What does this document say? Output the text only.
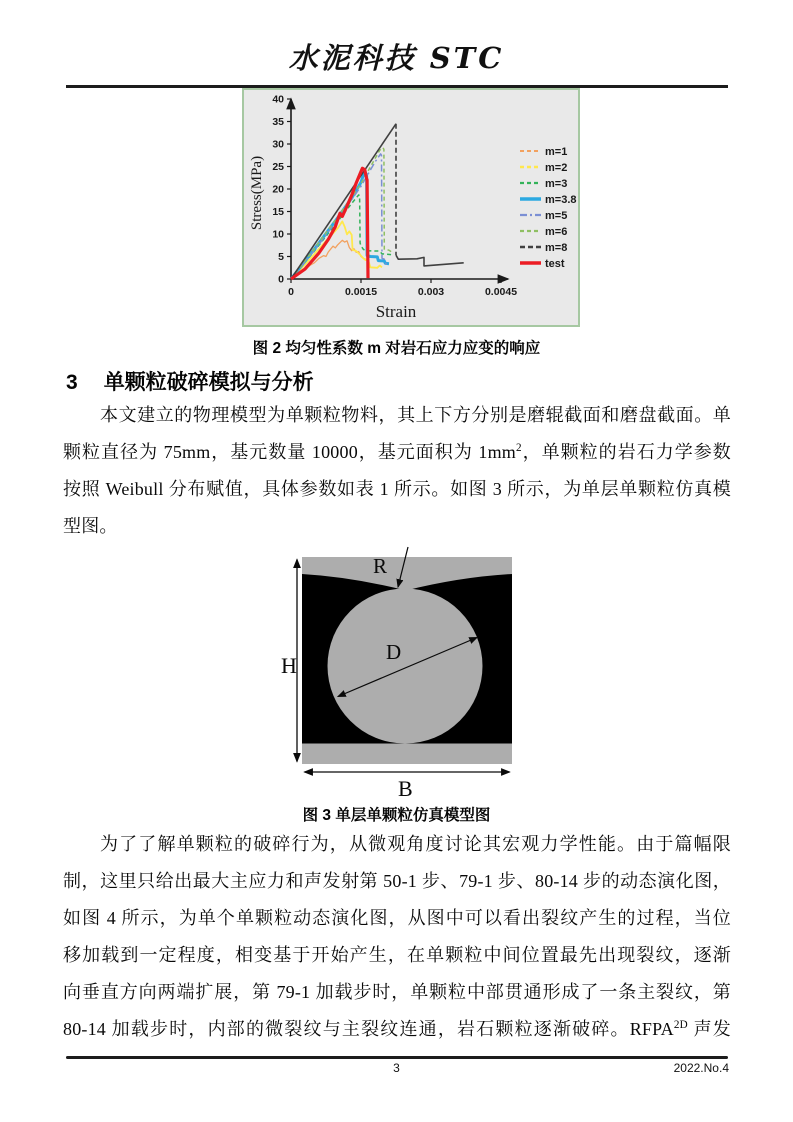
水泥科技 STC
0
5
10
15
20
25
30
35
40
0	0.0015	0.003	0.0045
Stress(MPa)
Strain
m=1
m=2
m=3
m=3.8
m=5
m=6
m=8
test
图 2 均匀性系数 m 对岩石应力应变的响应
3 单颗粒破碎模拟与分析
本文建立的物理模型为单颗粒物料，其上下方分别是磨辊截面和磨盘截面。单
颗粒直径为 75mm，基元数量 10000，基元面积为 $1mm^2$，单颗粒的岩石力学参数
按照 Weibull 分布赋值，具体参数如表 1 所示。如图 3 所示，为单层单颗粒仿真模
型图。
H
B
R
D
图 3 单层单颗粒仿真模型图
为了了解单颗粒的破碎行为，从微观角度讨论其宏观力学性能。由于篇幅限
制，这里只给出最大主应力和声发射第 50-1 步、79-1 步、80-14 步的动态演化图，
如图 4 所示，为单个单颗粒动态演化图，从图中可以看出裂纹产生的过程，当位
移加载到一定程度，相变基于开始产生，在单颗粒中间位置最先出现裂纹，逐渐
向垂直方向两端扩展，第 79-1 加载步时，单颗粒中部贯通形成了一条主裂纹，第
80-14 加载步时，内部的微裂纹与主裂纹连通，岩石颗粒逐渐破碎。$RFPA^{2D}$ 声发
3	2022.No.4
